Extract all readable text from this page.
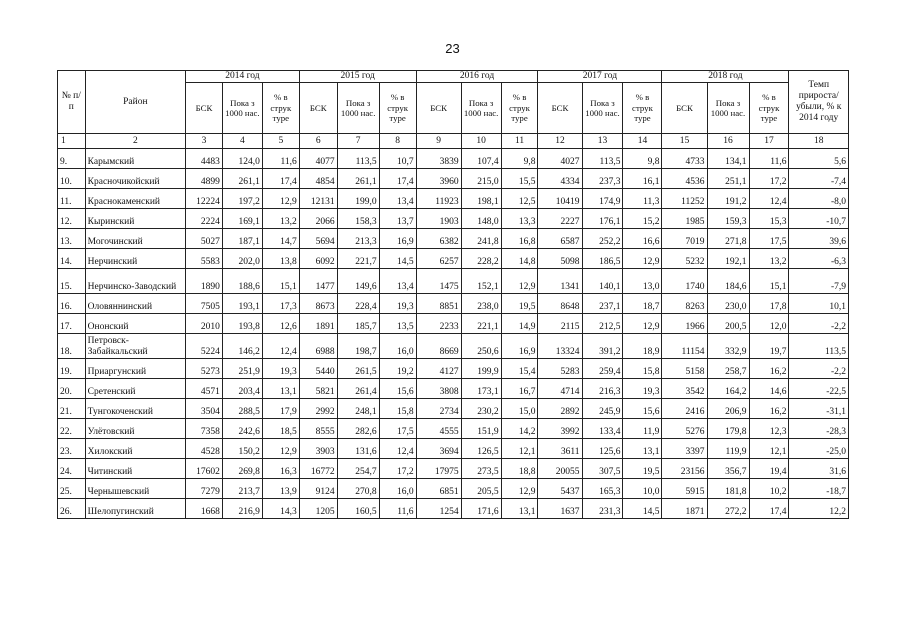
23
№ п/п	Район	2014 год			2015 год			2016 год			2017 год			2018 год			Темп прироста/ убыли, % к 2014 году
		БСК	Пока з 1000 нас.	% в струк туре	БСК	Пока з 1000 нас.	% в струк туре	БСК	Пока з 1000 нас.	% в струк туре	БСК	Пока з 1000 нас.	% в струк туре	БСК	Пока з 1000 нас.	% в струк туре	
1	2	3	4	5	6	7	8	9	10	11	12	13	14	15	16	17	18
9.	Карымский	4483	124,0	11,6	4077	113,5	10,7	3839	107,4	9,8	4027	113,5	9,8	4733	134,1	11,6	5,6
10.	Красночикойский	4899	261,1	17,4	4854	261,1	17,4	3960	215,0	15,5	4334	237,3	16,1	4536	251,1	17,2	-7,4
11.	Краснокаменский	12224	197,2	12,9	12131	199,0	13,4	11923	198,1	12,5	10419	174,9	11,3	11252	191,2	12,4	-8,0
12.	Кыринский	2224	169,1	13,2	2066	158,3	13,7	1903	148,0	13,3	2227	176,1	15,2	1985	159,3	15,3	-10,7
13.	Могочинский	5027	187,1	14,7	5694	213,3	16,9	6382	241,8	16,8	6587	252,2	16,6	7019	271,8	17,5	39,6
14.	Нерчинский	5583	202,0	13,8	6092	221,7	14,5	6257	228,2	14,8	5098	186,5	12,9	5232	192,1	13,2	-6,3
15.	Нерчинско-Заводский	1890	188,6	15,1	1477	149,6	13,4	1475	152,1	12,9	1341	140,1	13,0	1740	184,6	15,1	-7,9
16.	Оловяннинский	7505	193,1	17,3	8673	228,4	19,3	8851	238,0	19,5	8648	237,1	18,7	8263	230,0	17,8	10,1
17.	Ононский	2010	193,8	12,6	1891	185,7	13,5	2233	221,1	14,9	2115	212,5	12,9	1966	200,5	12,0	-2,2
18.	Петровск-Забайкальский	5224	146,2	12,4	6988	198,7	16,0	8669	250,6	16,9	13324	391,2	18,9	11154	332,9	19,7	113,5
19.	Приаргунский	5273	251,9	19,3	5440	261,5	19,2	4127	199,9	15,4	5283	259,4	15,8	5158	258,7	16,2	-2,2
20.	Сретенский	4571	203,4	13,1	5821	261,4	15,6	3808	173,1	16,7	4714	216,3	19,3	3542	164,2	14,6	-22,5
21.	Тунгокоченский	3504	288,5	17,9	2992	248,1	15,8	2734	230,2	15,0	2892	245,9	15,6	2416	206,9	16,2	-31,1
22.	Улётовский	7358	242,6	18,5	8555	282,6	17,5	4555	151,9	14,2	3992	133,4	11,9	5276	179,8	12,3	-28,3
23.	Хилокский	4528	150,2	12,9	3903	131,6	12,4	3694	126,5	12,1	3611	125,6	13,1	3397	119,9	12,1	-25,0
24.	Читинский	17602	269,8	16,3	16772	254,7	17,2	17975	273,5	18,8	20055	307,5	19,5	23156	356,7	19,4	31,6
25.	Чернышевский	7279	213,7	13,9	9124	270,8	16,0	6851	205,5	12,9	5437	165,3	10,0	5915	181,8	10,2	-18,7
26.	Шелопугинский	1668	216,9	14,3	1205	160,5	11,6	1254	171,6	13,1	1637	231,3	14,5	1871	272,2	17,4	12,2
